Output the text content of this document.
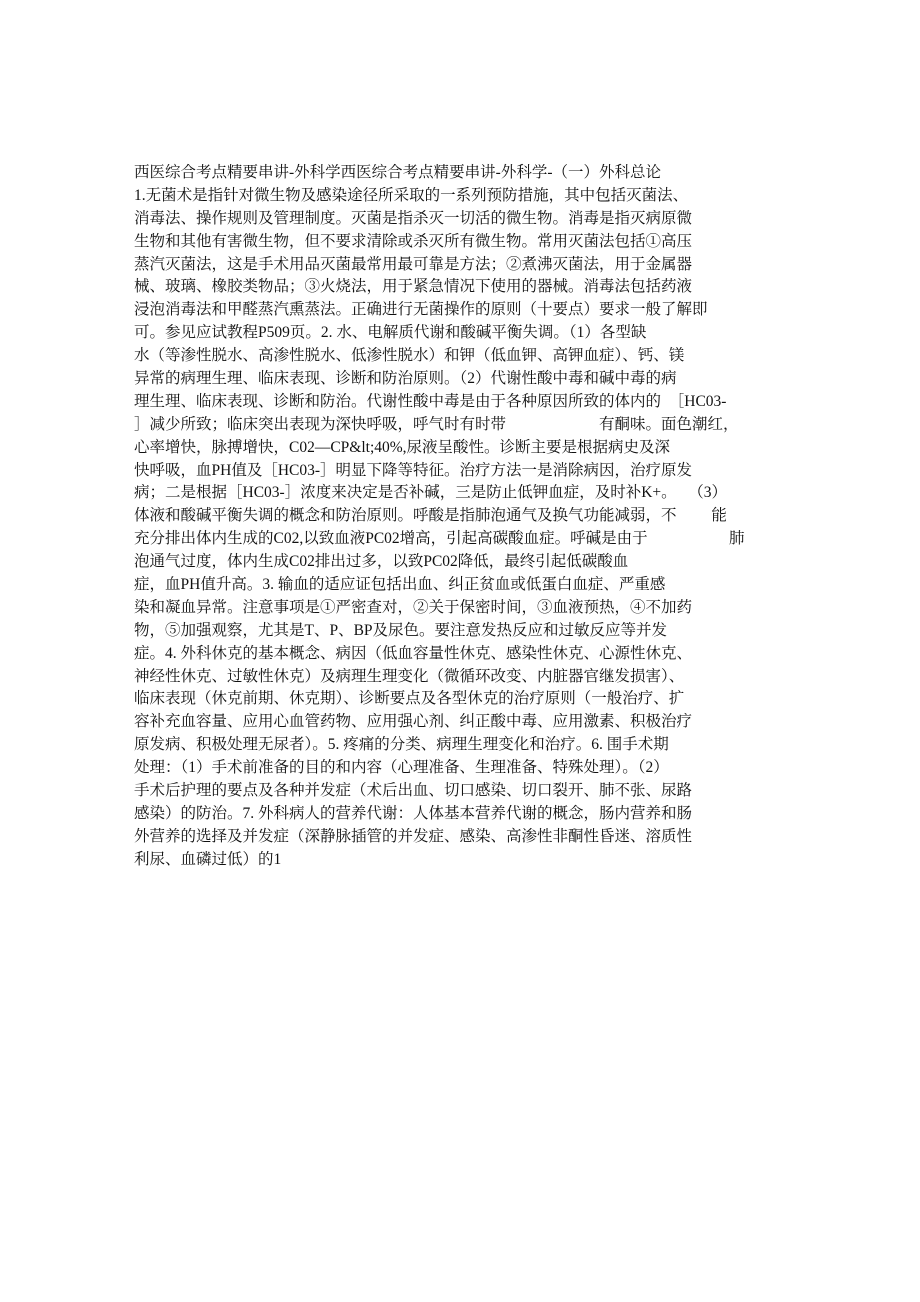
西医综合考点精要串讲-外科学西医综合考点精要串讲-外科学-（一）外科总论
1.无菌术是指针对微生物及感染途径所采取的一系列预防措施，其中包括灭菌法、
消毒法、操作规则及管理制度。灭菌是指杀灭一切活的微生物。消毒是指灭病原微
生物和其他有害微生物，但不要求清除或杀灭所有微生物。常用灭菌法包括①高压
蒸汽灭菌法，这是手术用品灭菌最常用最可靠是方法；②煮沸灭菌法，用于金属器
械、玻璃、橡胶类物品；③火烧法，用于紧急情况下使用的器械。消毒法包括药液
浸泡消毒法和甲醛蒸汽熏蒸法。正确进行无菌操作的原则（十要点）要求一般了解即
可。参见应试教程P509页。2. 水、电解质代谢和酸碱平衡失调。（1）各型缺
水（等渗性脱水、高渗性脱水、低渗性脱水）和钾（低血钾、高钾血症）、钙、镁
异常的病理生理、临床表现、诊断和防治原则。（2）代谢性酸中毒和碱中毒的病
理生理、临床表现、诊断和防治。代谢性酸中毒是由于各种原因所致的体内的　［HC03-
］减少所致；临床突出表现为深快呼吸，呼气时有时带　　　　　　有酮味。面色潮红，
心率增快，脉搏增快，C02—CP&lt;40%,尿液呈酸性。诊断主要是根据病史及深
快呼吸，血PH值及［HC03-］明显下降等特征。治疗方法一是消除病因，治疗原发
病；二是根据［HC03-］浓度来决定是否补碱，三是防止低钾血症，及时补K+。　 （3）
体液和酸碱平衡失调的概念和防治原则。呼酸是指肺泡通气及换气功能减弱，不　　 能
充分排出体内生成的C02,以致血液PC02增高，引起高碳酸血症。呼碱是由于　　　　　 肺
泡通气过度，体内生成C02排出过多，以致PC02降低，最终引起低碳酸血
症，血PH值升高。3. 输血的适应证包括出血、纠正贫血或低蛋白血症、严重感
染和凝血异常。注意事项是①严密查对，②关于保密时间，③血液预热，④不加药
物，⑤加强观察，尤其是T、P、BP及尿色。要注意发热反应和过敏反应等并发
症。4. 外科休克的基本概念、病因（低血容量性休克、感染性休克、心源性休克、
神经性休克、过敏性休克）及病理生理变化（微循环改变、内脏器官继发损害）、
临床表现（休克前期、休克期）、诊断要点及各型休克的治疗原则（一般治疗、扩
容补充血容量、应用心血管药物、应用强心剂、纠正酸中毒、应用激素、积极治疗
原发病、积极处理无尿者）。5. 疼痛的分类、病理生理变化和治疗。6. 围手术期
处理：（1）手术前准备的目的和内容（心理准备、生理准备、特殊处理）。（2）
手术后护理的要点及各种并发症（术后出血、切口感染、切口裂开、肺不张、尿路
感染）的防治。7. 外科病人的营养代谢：人体基本营养代谢的概念，肠内营养和肠
外营养的选择及并发症（深静脉插管的并发症、感染、高渗性非酮性昏迷、溶质性
利尿、血磷过低）的1
